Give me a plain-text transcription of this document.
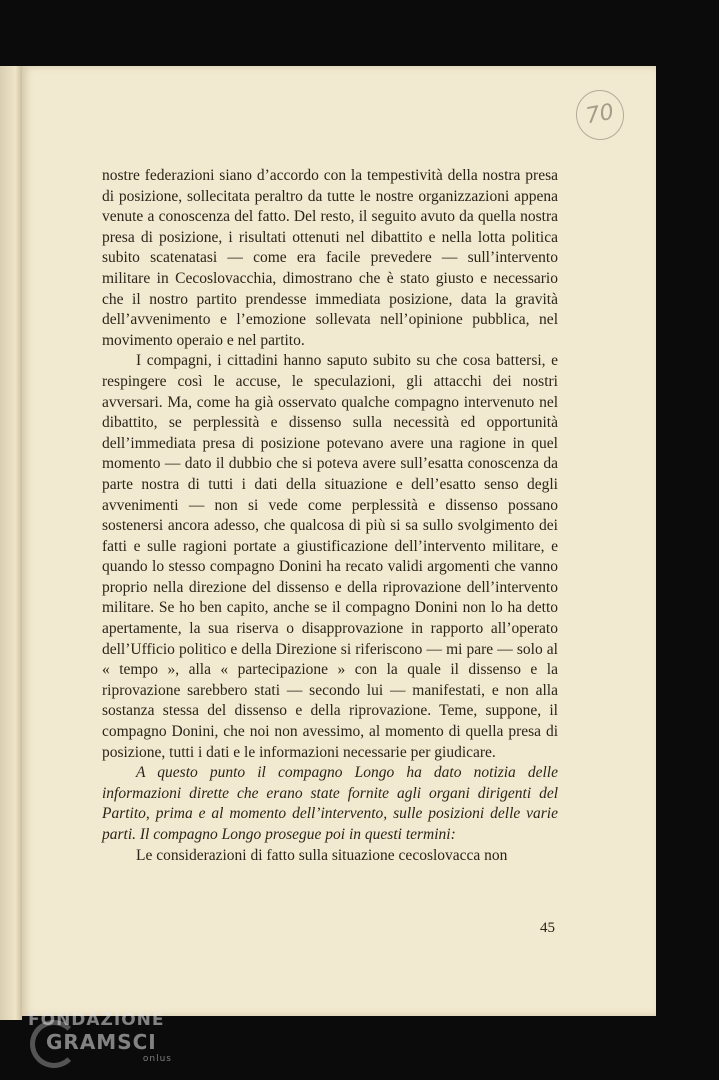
70

nostre federazioni siano d’accordo con la tempestività della nostra presa di posizione, sollecitata peraltro da tutte le nostre organizzazioni appena venute a conoscenza del fatto. Del resto, il seguito avuto da quella nostra presa di posizione, i risultati ottenuti nel dibattito e nella lotta politica subito scatenatasi — come era facile prevedere — sull’intervento militare in Cecoslovacchia, dimostrano che è stato giusto e necessario che il nostro partito prendesse immediata posizione, data la gravità dell’avvenimento e l’emozione sollevata nell’opinione pubblica, nel movimento operaio e nel partito.

I compagni, i cittadini hanno saputo subito su che cosa battersi, e respingere così le accuse, le speculazioni, gli attacchi dei nostri avversari. Ma, come ha già osservato qualche compagno intervenuto nel dibattito, se perplessità e dissenso sulla necessità ed opportunità dell’immediata presa di posizione potevano avere una ragione in quel momento — dato il dubbio che si poteva avere sull’esatta conoscenza da parte nostra di tutti i dati della situazione e dell’esatto senso degli avvenimenti — non si vede come perplessità e dissenso possano sostenersi ancora adesso, che qualcosa di più si sa sullo svolgimento dei fatti e sulle ragioni portate a giustificazione dell’intervento militare, e quando lo stesso compagno Donini ha recato validi argomenti che vanno proprio nella direzione del dissenso e della riprovazione dell’intervento militare. Se ho ben capito, anche se il compagno Donini non lo ha detto apertamente, la sua riserva o disapprovazione in rapporto all’operato dell’Ufficio politico e della Direzione si riferiscono — mi pare — solo al « tempo », alla « partecipazione » con la quale il dissenso e la riprovazione sarebbero stati — secondo lui — manifestati, e non alla sostanza stessa del dissenso e della riprovazione. Teme, suppone, il compagno Donini, che noi non avessimo, al momento di quella presa di posizione, tutti i dati e le informazioni necessarie per giudicare.

A questo punto il compagno Longo ha dato notizia delle informazioni dirette che erano state fornite agli organi dirigenti del Partito, prima e al momento dell’intervento, sulle posizioni delle varie parti. Il compagno Longo prosegue poi in questi termini:

Le considerazioni di fatto sulla situazione cecoslovacca non

45
FONDAZIONE
GRAMSCI
onlus
